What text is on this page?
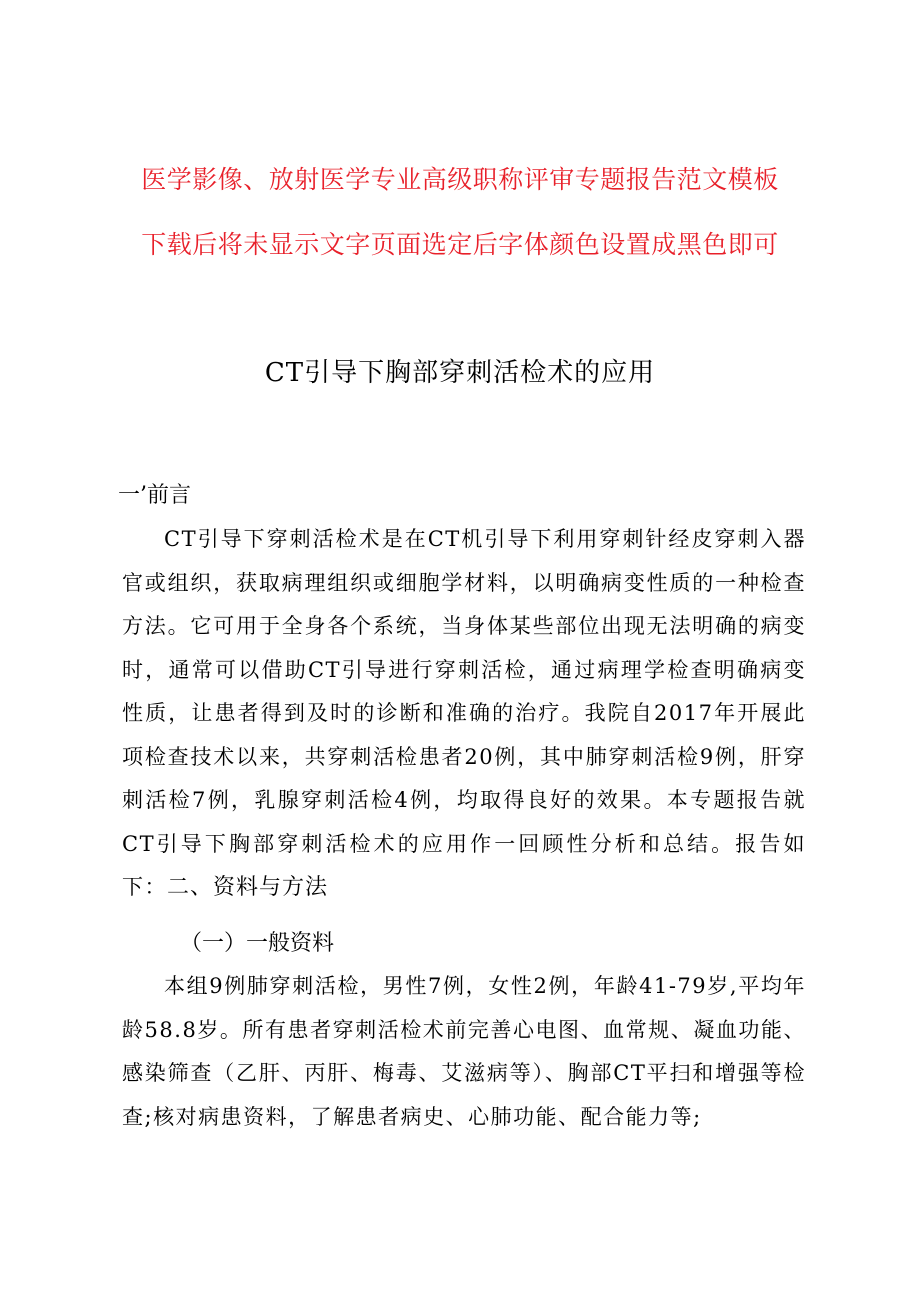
医学影像、放射医学专业高级职称评审专题报告范文模板
下载后将未显示文字页面选定后字体颜色设置成黑色即可
CT引导下胸部穿刺活检术的应用
一’前言

CT引导下穿刺活检术是在CT机引导下利用穿刺针经皮穿刺入器官或组织，获取病理组织或细胞学材料，以明确病变性质的一种检查方法。它可用于全身各个系统，当身体某些部位出现无法明确的病变时，通常可以借助CT引导进行穿刺活检，通过病理学检查明确病变性质，让患者得到及时的诊断和准确的治疗。我院自2017年开展此项检查技术以来，共穿刺活检患者20例，其中肺穿刺活检9例，肝穿刺活检7例，乳腺穿刺活检4例，均取得良好的效果。本专题报告就CT引导下胸部穿刺活检术的应用作一回顾性分析和总结。报告如下：二、资料与方法

（一）一般资料

本组9例肺穿刺活检，男性7例，女性2例，年龄41-79岁,平均年龄58.8岁。所有患者穿刺活检术前完善心电图、血常规、凝血功能、感染筛查（乙肝、丙肝、梅毒、艾滋病等）、胸部CT平扫和增强等检查;核对病患资料，了解患者病史、心肺功能、配合能力等;
